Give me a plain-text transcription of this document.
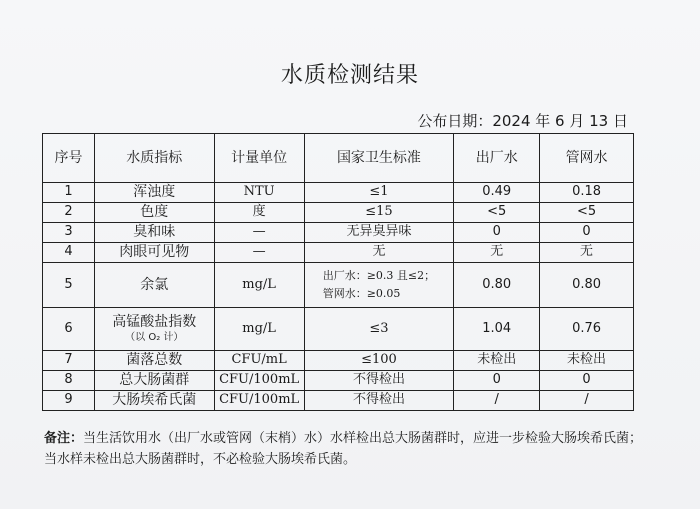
水质检测结果
公布日期：2024 年 6 月 13 日
序号	水质指标	计量单位	国家卫生标准	出厂水	管网水
1	浑浊度	NTU	≤1	0.49	0.18
2	色度	度	≤15	<5	<5
3	臭和味	—	无异臭异味	0	0
4	肉眼可见物	—	无	无	无
5	余氯	mg/L	出厂水：≥0.3 且≤2；
管网水：≥0.05	0.80	0.80
6	高锰酸盐指数
（以 O₂ 计）	mg/L	≤3	1.04	0.76
7	菌落总数	CFU/mL	≤100	未检出	未检出
8	总大肠菌群	CFU/100mL	不得检出	0	0
9	大肠埃希氏菌	CFU/100mL	不得检出	/	/
备注：当生活饮用水（出厂水或管网（末梢）水）水样检出总大肠菌群时，应进一步检验大肠埃希氏菌；当水样未检出总大肠菌群时，不必检验大肠埃希氏菌。
